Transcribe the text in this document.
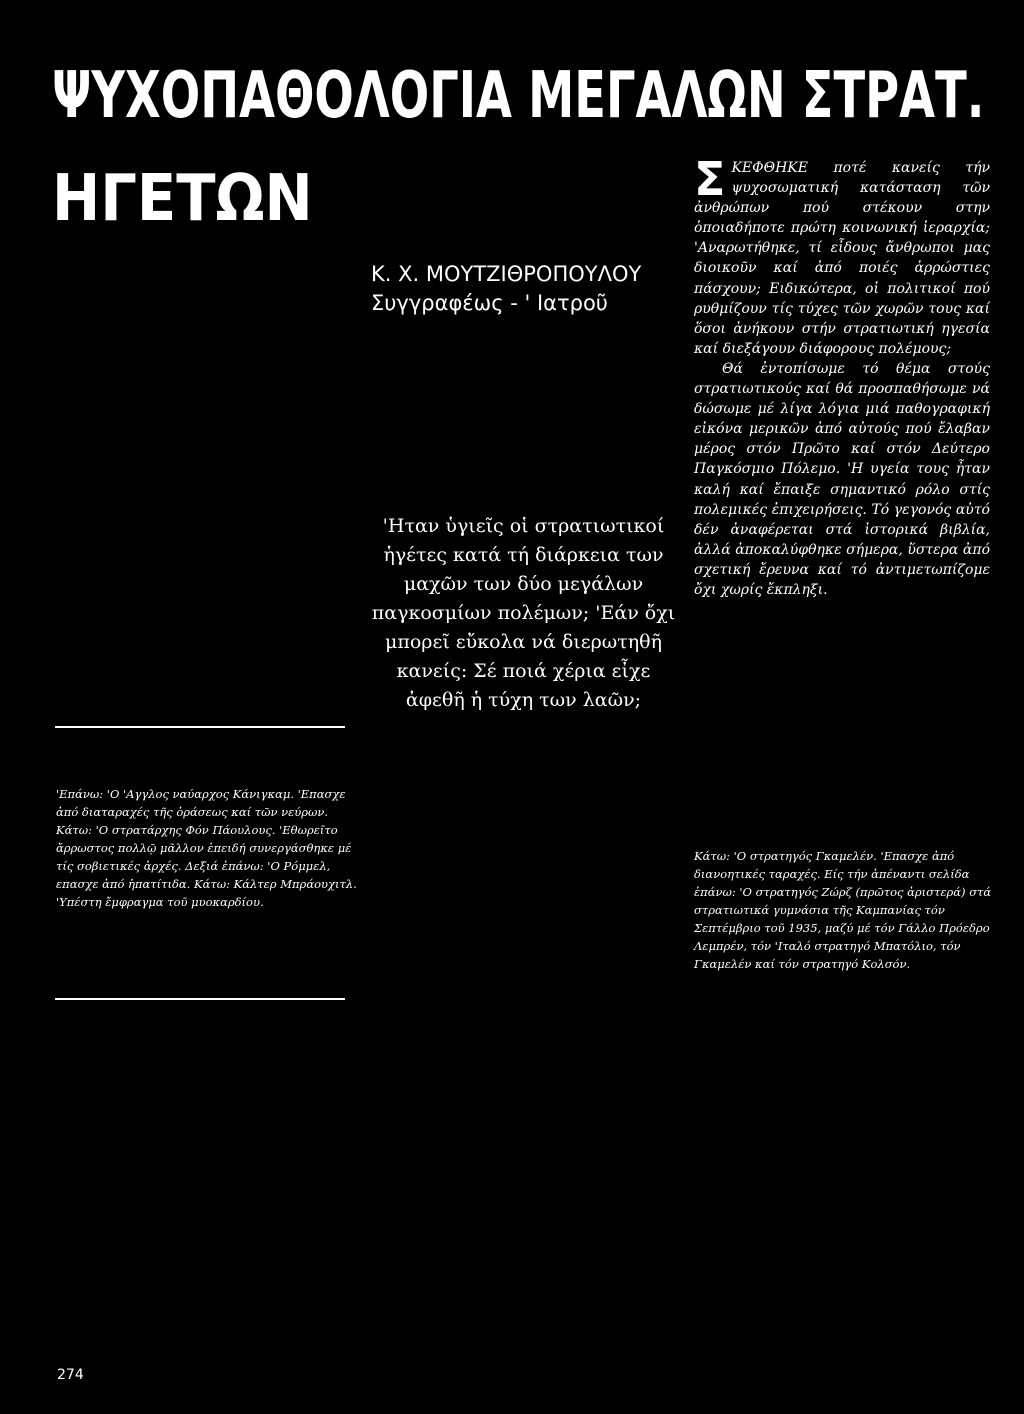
ΨΥΧΟΠΑΘΟΛΟΓΙΑ ΜΕΓΑΛΩΝ ΣΤΡΑΤ.
ΗΓΕΤΩΝ
Κ. Χ. ΜΟΥΤΖΙΘΡΟΠΟΥΛΟΥ
Συγγραφέως - ' Ιατροῦ
'Ηταν ὑγιεῖς οἱ στρατιωτικοί ἡγέτες κατά τή διάρκεια των μαχῶν των δύο μεγάλων παγκοσμίων πολέμων; 'Εάν ὄχι μπορεῖ εὔκολα νά διερωτηθῆ κανείς: Σέ ποιά χέρια εἶχε ἀφεθῆ ἡ τύχη των λαῶν;

ΣΚΕΦΘΗΚΕ ποτέ κανείς τήν ψυχοσωματική κατάσταση τῶν ἀνθρώπων πού στέκουν στην ὁποιαδήποτε πρώτη κοινωνική ἱεραρχία; 'Αναρωτήθηκε, τί εἶδους ἄνθρωποι μας διοικοῦν καί ἀπό ποιές ἀρρώστιες πάσχουν; Ειδικώτερα, οἱ πολιτικοί πού ρυθμίζουν τίς τύχες τῶν χωρῶν τους καί ὅσοι ἀνήκουν στήν στρατιωτική ηγεσία καί διεξάγουν διάφορους πολέμους;

Θά ἐντοπίσωμε τό θέμα στούς στρατιωτικούς καί θά προσπαθήσωμε νά δώσωμε μέ λίγα λόγια μιά παθογραφική εἰκόνα μερικῶν ἀπό αὐτούς πού ἔλαβαν μέρος στόν Πρῶτο καί στόν Δεύτερο Παγκόσμιο Πόλεμο. 'Η υγεία τους ἦταν καλή καί ἔπαιξε σημαντικό ρόλο στίς πολεμικές ἐπιχειρήσεις. Τό γεγονός αὐτό δέν ἀναφέρεται στά ἱστορικά βιβλία, ἀλλά ἀποκαλύφθηκε σήμερα, ὕστερα ἀπό σχετική ἔρευνα καί τό ἀντιμετωπίζομε ὄχι χωρίς ἔκπληξι.

'Επάνω: 'Ο 'Αγγλος ναύαρχος Κάνιγκαμ. 'Επασχε ἀπό διαταραχές τῆς ὁράσεως καί τῶν νεύρων. Κάτω: 'Ο στρατάρχης Φόν Πάουλους. 'Εθωρεῖτο ἄρρωστος πολλῷ μᾶλλον ἐπειδή συνεργάσθηκε μέ τίς σοβιετικές ἀρχές. Δεξιά ἐπάνω: 'Ο Ρόμμελ, επασχε ἀπό ἡπατίτιδα. Κάτω: Κάλτερ Μπράουχιτλ. 'Υπέστη ἔμφραγμα τοῦ μυοκαρδίου.
Κάτω: 'Ο στρατηγός Γκαμελέν. 'Επασχε ἀπό διανοητικές ταραχές. Είς τήν ἀπέναντι σελίδα ἐπάνω: 'Ο στρατηγός Ζώρζ (πρῶτος ἀριστερά) στά στρατιωτικά γυμνάσια τῆς Καμπανίας τόν Σεπτέμβριο τοῦ 1935, μαζύ μέ τόν Γάλλο Πρόεδρο Λεμπρέν, τόν 'Ιταλό στρατηγό Μπατόλιο, τόν Γκαμελέν καί τόν στρατηγό Κολσόν.
274
